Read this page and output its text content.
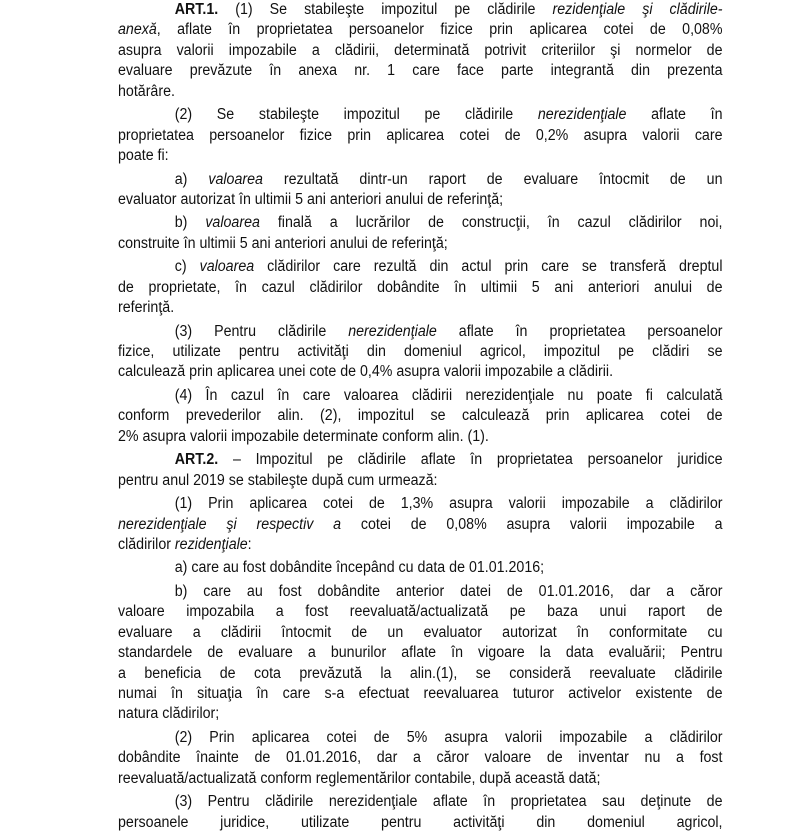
ART.1. (1) Se stabileşte impozitul pe clădirile rezidenţiale şi clădirile-
anexă, aflate în proprietatea persoanelor fizice prin aplicarea cotei de 0,08%
asupra valorii impozabile a clădirii, determinată potrivit criteriilor şi normelor de
evaluare prevăzute în anexa nr. 1 care face parte integrantă din prezenta
hotărâre.
(2) Se stabileşte impozitul pe clădirile nerezidenţiale aflate în
proprietatea persoanelor fizice prin aplicarea cotei de 0,2% asupra valorii care
poate fi:
a) valoarea rezultată dintr-un raport de evaluare întocmit de un
evaluator autorizat în ultimii 5 ani anteriori anului de referinţă;
b) valoarea finală a lucrărilor de construcţii, în cazul clădirilor noi,
construite în ultimii 5 ani anteriori anului de referinţă;
c) valoarea clădirilor care rezultă din actul prin care se transferă dreptul
de proprietate, în cazul clădirilor dobândite în ultimii 5 ani anteriori anului de
referinţă.
(3) Pentru clădirile nerezidenţiale aflate în proprietatea persoanelor
fizice, utilizate pentru activităţi din domeniul agricol, impozitul pe clădiri se
calculează prin aplicarea unei cote de 0,4% asupra valorii impozabile a clădirii.
(4) În cazul în care valoarea clădirii nerezidenţiale nu poate fi calculată
conform prevederilor alin. (2), impozitul se calculează prin aplicarea cotei de
2% asupra valorii impozabile determinate conform alin. (1).
ART.2. – Impozitul pe clădirile aflate în proprietatea persoanelor juridice
pentru anul 2019 se stabileşte după cum urmează:
(1) Prin aplicarea cotei de 1,3% asupra valorii impozabile a clădirilor
nerezidenţiale şi respectiv a cotei de 0,08% asupra valorii impozabile a
clădirilor rezidenţiale:
a) care au fost dobândite începând cu data de 01.01.2016;
b) care au fost dobândite anterior datei de 01.01.2016, dar a căror
valoare impozabila a fost reevaluată/actualizată pe baza unui raport de
evaluare a clădirii întocmit de un evaluator autorizat în conformitate cu
standardele de evaluare a bunurilor aflate în vigoare la data evaluării; Pentru
a beneficia de cota prevăzută la alin.(1), se consideră reevaluate clădirile
numai în situaţia în care s-a efectuat reevaluarea tuturor activelor existente de
natura clădirilor;
(2) Prin aplicarea cotei de 5% asupra valorii impozabile a clădirilor
dobândite înainte de 01.01.2016, dar a căror valoare de inventar nu a fost
reevaluată/actualizată conform reglementărilor contabile, după această dată;
(3) Pentru clădirile nerezidenţiale aflate în proprietatea sau deţinute de
persoanele juridice, utilizate pentru activităţi din domeniul agricol,
